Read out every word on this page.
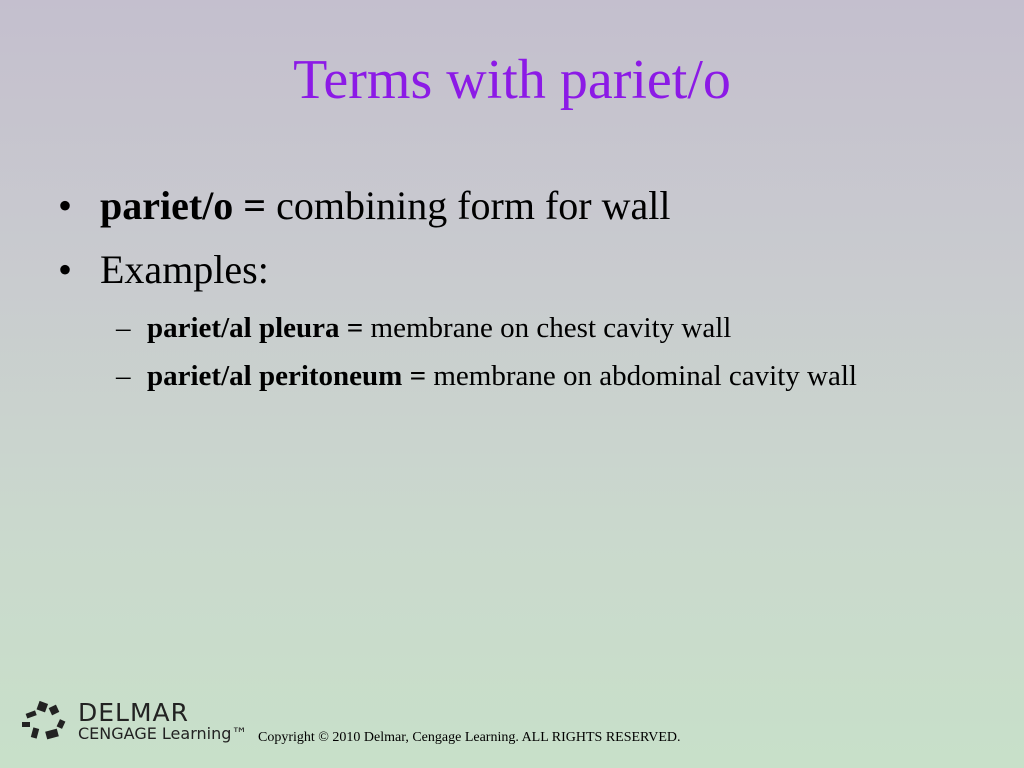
Terms with pariet/o
• pariet/o = combining form for wall
• Examples:
– pariet/al pleura = membrane on chest cavity wall
– pariet/al peritoneum = membrane on abdominal cavity wall
DELMAR
CENGAGE Learning™ Copyright © 2010 Delmar, Cengage Learning. ALL RIGHTS RESERVED.
